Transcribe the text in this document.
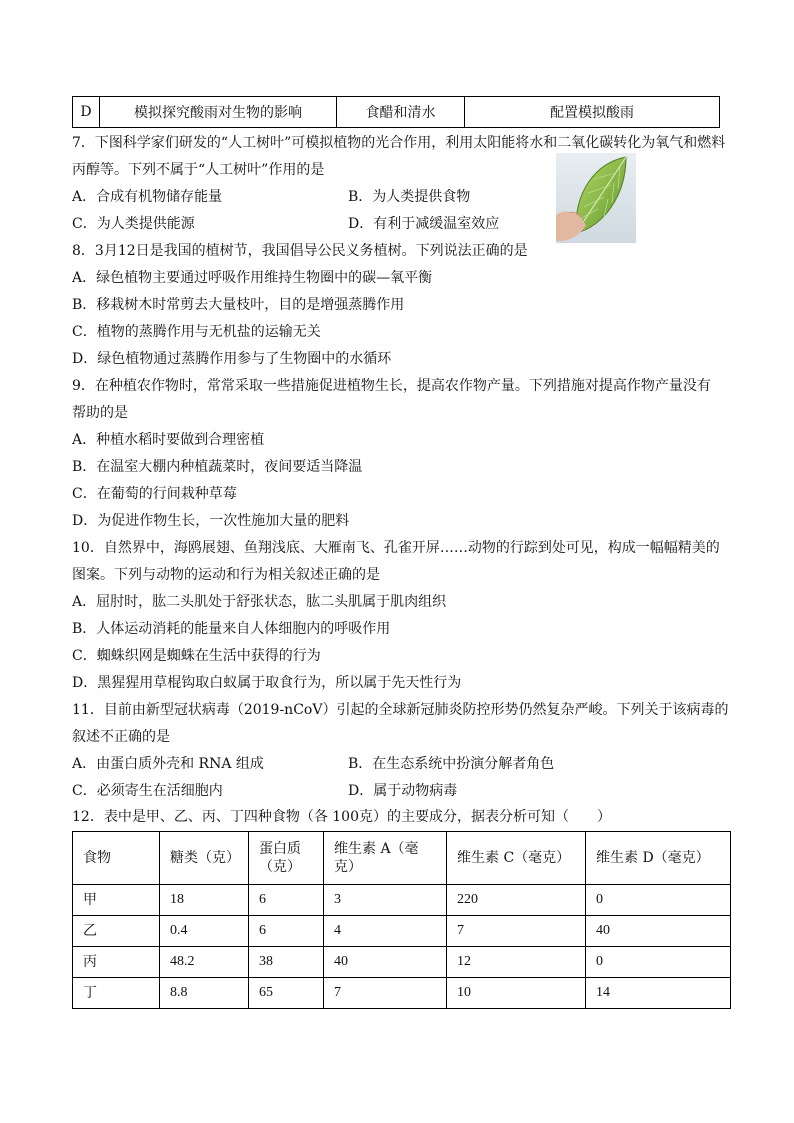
D	模拟探究酸雨对生物的影响	食醋和清水	配置模拟酸雨
7．下图科学家们研发的“人工树叶”可模拟植物的光合作用，利用太阳能将水和二氧化碳转化为氧气和燃料
丙醇等。下列不属于“人工树叶”作用的是
A．合成有机物储存能量	B．为人类提供食物
C．为人类提供能源	D．有利于减缓温室效应
8．3月12日是我国的植树节，我国倡导公民义务植树。下列说法正确的是
A．绿色植物主要通过呼吸作用维持生物圈中的碳—氧平衡
B．移栽树木时常剪去大量枝叶，目的是增强蒸腾作用
C．植物的蒸腾作用与无机盐的运输无关
D．绿色植物通过蒸腾作用参与了生物圈中的水循环
9．在种植农作物时，常常采取一些措施促进植物生长，提高农作物产量。下列措施对提高作物产量没有
帮助的是
A．种植水稻时要做到合理密植
B．在温室大棚内种植蔬菜时，夜间要适当降温
C．在葡萄的行间栽种草莓
D．为促进作物生长，一次性施加大量的肥料
10．自然界中，海鸥展翅、鱼翔浅底、大雁南飞、孔雀开屏……动物的行踪到处可见，构成一幅幅精美的
图案。下列与动物的运动和行为相关叙述正确的是
A．屈肘时，肱二头肌处于舒张状态，肱二头肌属于肌肉组织
B．人体运动消耗的能量来自人体细胞内的呼吸作用
C．蜘蛛织网是蜘蛛在生活中获得的行为
D．黑猩猩用草棍钩取白蚁属于取食行为，所以属于先天性行为
11．目前由新型冠状病毒（2019-nCoV）引起的全球新冠肺炎防控形势仍然复杂严峻。下列关于该病毒的
叙述不正确的是
A．由蛋白质外壳和 RNA 组成	B．在生态系统中扮演分解者角色
C．必须寄生在活细胞内	D．属于动物病毒
12．表中是甲、乙、丙、丁四种食物（各 100克）的主要成分，据表分析可知（　　）
食物	糖类（克）	蛋白质（克）	维生素 A（毫克）	维生素 C（毫克）	维生素 D（毫克）
甲	18	6	3	220	0
乙	0.4	6	4	7	40
丙	48.2	38	40	12	0
丁	8.8	65	7	10	14
